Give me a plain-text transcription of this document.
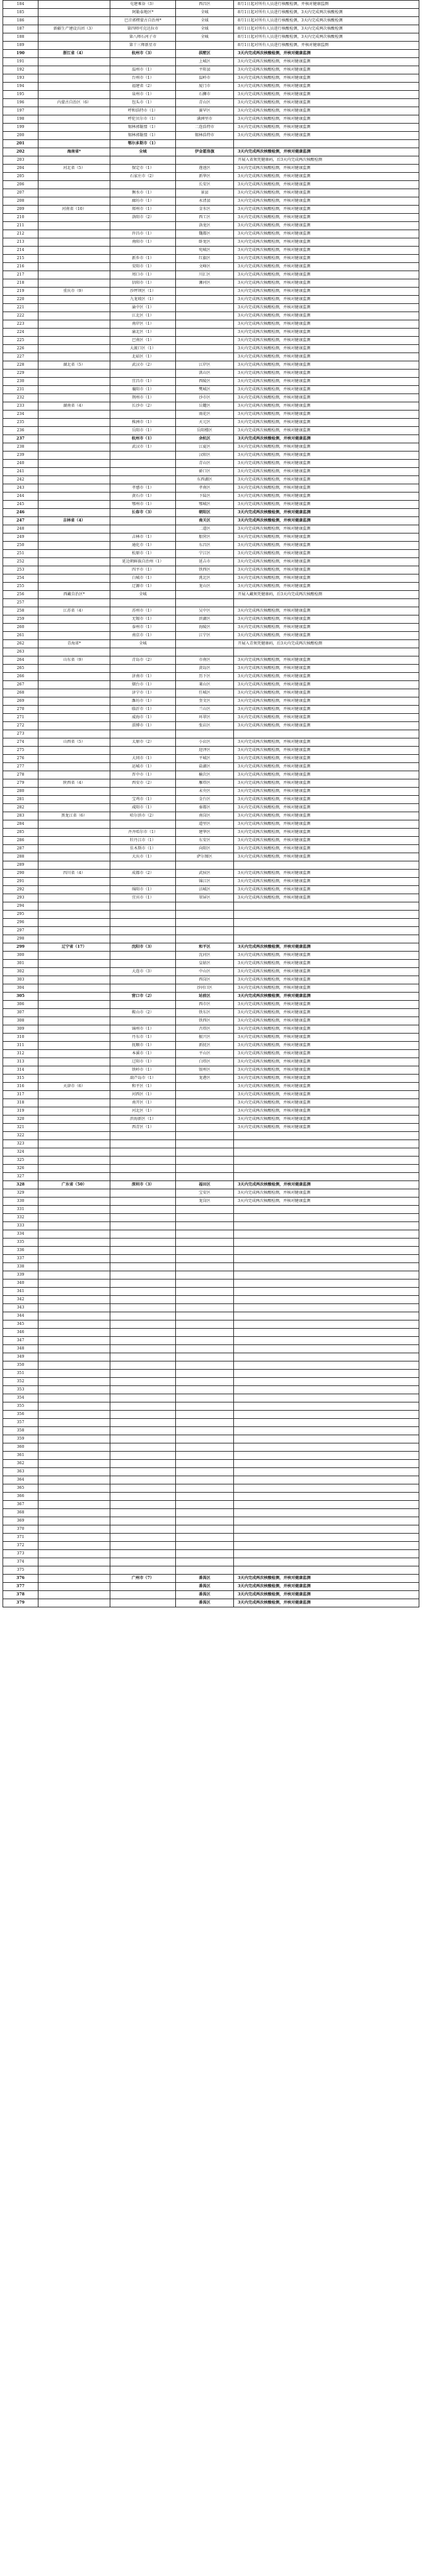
184		屯建乘谷（3）	西昌区	8月1日起对所有人员进行核酸检测，并核对健康监测
185		阿勒泰地区*	全城	8月1日起对所有人员进行核酸检测，3天内完成两次核酸检测
186		巴音郭楞蒙古自治州*	全域	8月1日起对所有人员进行核酸检测，3天内完成两次核酸检测
187	新疆生产建设兵团（3）	第四师可克达拉市	全域	8月1日起对所有人员进行核酸检测，3天内完成两次核酸检测
188		第八师石河子市	全城	8月1日起对所有人员进行核酸检测，3天内完成两次核酸检测
189		第十三师新星市		8月1日起对所有人员进行核酸检测，并核对健康监测
190	浙江省（4）	杭州市（3）	拱墅区	3天内完成两次核酸检测，并核对健康监测
191			上城区	3天内完成两次核酸检测，并核对健康监测
192		温州市（1）	平阳县	3天内完成两次核酸检测，并核对健康监测
193		台州市（1）	温岭市	3天内完成两次核酸检测，并核对健康监测
194		福建省（2）	厦门市	3天内完成两次核酸检测，并核对健康监测
195		泉州市（1）	石狮市	3天内完成两次核酸检测，并核对健康监测
196	内蒙古自治区（6）	包头市（1）	青山区	3天内完成两次核酸检测，并核对健康监测
197		呼和浩特市（1）	赛罕区	3天内完成两次核酸检测，并核对健康监测
198		呼伦贝尔市（1）	满洲里市	3天内完成两次核酸检测，并核对健康监测
199		锡林郭勒盟（1）	二连浩特市	3天内完成两次核酸检测，并核对健康监测
200		锡林郭勒盟（1）	锡林浩特市	3天内完成两次核酸检测，并核对健康监测
201		鄂尔多斯市（1）		
202	海南省*	全城	伊金霍洛旗	3天内完成两次核酸检测，并核对健康监测
203				开展入省须凭健康码，后3天内完成两次核酸检测
204	河北省（5）	保定市（1）	莲池区	3天内完成两次核酸检测，并核对健康监测
205		石家庄市（2）	新华区	3天内完成两次核酸检测，并核对健康监测
206			长安区	3天内完成两次核酸检测，并核对健康监测
207		衡水市（1）	景县	3天内完成两次核酸检测，并核对健康监测
208		廊坊市（1）	永清县	3天内完成两次核酸检测，并核对健康监测
209	河南省（10）	郑州市（1）	金水区	3天内完成两次核酸检测，并核对健康监测
210		洛阳市（2）	西工区	3天内完成两次核酸检测，并核对健康监测
211			洛龙区	3天内完成两次核酸检测，并核对健康监测
212		许昌市（1）	魏都区	3天内完成两次核酸检测，并核对健康监测
213		南阳市（1）	卧龙区	3天内完成两次核酸检测，并核对健康监测
214			宛城区	3天内完成两次核酸检测，并核对健康监测
215		新乡市（1）	红旗区	3天内完成两次核酸检测，并核对健康监测
216		安阳市（1）	文峰区	3天内完成两次核酸检测，并核对健康监测
217		周口市（1）	川汇区	3天内完成两次核酸检测，并核对健康监测
218		信阳市（1）	浉河区	3天内完成两次核酸检测，并核对健康监测
219	重庆市（9）	沙坪坝区（1）		3天内完成两次核酸检测，并核对健康监测
220		九龙坡区（1）		3天内完成两次核酸检测，并核对健康监测
221		渝中区（1）		3天内完成两次核酸检测，并核对健康监测
222		江北区（1）		3天内完成两次核酸检测，并核对健康监测
223		南岸区（1）		3天内完成两次核酸检测，并核对健康监测
224		渝北区（1）		3天内完成两次核酸检测，并核对健康监测
225		巴南区（1）		3天内完成两次核酸检测，并核对健康监测
226		大渡口区（1）		3天内完成两次核酸检测，并核对健康监测
227		北碚区（1）		3天内完成两次核酸检测，并核对健康监测
228	湖北省（5）	武汉市（2）	江岸区	3天内完成两次核酸检测，并核对健康监测
229			洪山区	3天内完成两次核酸检测，并核对健康监测
230		宜昌市（1）	西陵区	3天内完成两次核酸检测，并核对健康监测
231		襄阳市（1）	樊城区	3天内完成两次核酸检测，并核对健康监测
232		荆州市（1）	沙市区	3天内完成两次核酸检测，并核对健康监测
233	湖南省（4）	长沙市（2）	岳麓区	3天内完成两次核酸检测，并核对健康监测
234			雨花区	3天内完成两次核酸检测，并核对健康监测
235		株洲市（1）	天元区	3天内完成两次核酸检测，并核对健康监测
236		岳阳市（1）	岳阳楼区	3天内完成两次核酸检测，并核对健康监测
237		杭州市（1）	余杭区	3天内完成两次核酸检测，并核对健康监测
238		武汉市（1）	江夏区	3天内完成两次核酸检测，并核对健康监测
239			汉阳区	3天内完成两次核酸检测，并核对健康监测
240			青山区	3天内完成两次核酸检测，并核对健康监测
241			硚口区	3天内完成两次核酸检测，并核对健康监测
242			东西湖区	3天内完成两次核酸检测，并核对健康监测
243		孝感市（1）	孝南区	3天内完成两次核酸检测，并核对健康监测
244		黄石市（1）	下陆区	3天内完成两次核酸检测，并核对健康监测
245		鄂州市（1）	鄂城区	3天内完成两次核酸检测，并核对健康监测
246		长春市（3）	朝阳区	3天内完成两次核酸检测，并核对健康监测
247	吉林省（4）		南关区	3天内完成两次核酸检测，并核对健康监测
248			二道区	3天内完成两次核酸检测，并核对健康监测
249		吉林市（1）	船营区	3天内完成两次核酸检测，并核对健康监测
250		通化市（1）	东昌区	3天内完成两次核酸检测，并核对健康监测
251		松原市（1）	宁江区	3天内完成两次核酸检测，并核对健康监测
252		延边朝鲜族自治州（1）	延吉市	3天内完成两次核酸检测，并核对健康监测
253		四平市（1）	铁西区	3天内完成两次核酸检测，并核对健康监测
254		白城市（1）	洮北区	3天内完成两次核酸检测，并核对健康监测
255		辽源市（1）	龙山区	3天内完成两次核酸检测，并核对健康监测
256	西藏自治区*	全城		开展入藏须凭健康码，后3天内完成两次核酸检测
257				
258	江苏省（4）	苏州市（1）	吴中区	3天内完成两次核酸检测，并核对健康监测
259		无锡市（1）	滨湖区	3天内完成两次核酸检测，并核对健康监测
260		泰州市（1）	海陵区	3天内完成两次核酸检测，并核对健康监测
261		南京市（1）	江宁区	3天内完成两次核酸检测，并核对健康监测
262	青海省*	全城		开展入青须凭健康码，后3天内完成两次核酸检测
263				
264	山东省（9）	青岛市（2）	市南区	3天内完成两次核酸检测，并核对健康监测
265			黄岛区	3天内完成两次核酸检测，并核对健康监测
266		济南市（1）	历下区	3天内完成两次核酸检测，并核对健康监测
267		烟台市（1）	莱山区	3天内完成两次核酸检测，并核对健康监测
268		济宁市（1）	任城区	3天内完成两次核酸检测，并核对健康监测
269		潍坊市（1）	奎文区	3天内完成两次核酸检测，并核对健康监测
270		临沂市（1）	兰山区	3天内完成两次核酸检测，并核对健康监测
271		威海市（1）	环翠区	3天内完成两次核酸检测，并核对健康监测
272		淄博市（1）	张店区	3天内完成两次核酸检测，并核对健康监测
273				
274	山西省（5）	太原市（2）	小店区	3天内完成两次核酸检测，并核对健康监测
275			迎泽区	3天内完成两次核酸检测，并核对健康监测
276		大同市（1）	平城区	3天内完成两次核酸检测，并核对健康监测
277		运城市（1）	盐湖区	3天内完成两次核酸检测，并核对健康监测
278		晋中市（1）	榆次区	3天内完成两次核酸检测，并核对健康监测
279	陕西省（4）	西安市（2）	雁塔区	3天内完成两次核酸检测，并核对健康监测
280			未央区	3天内完成两次核酸检测，并核对健康监测
281		宝鸡市（1）	金台区	3天内完成两次核酸检测，并核对健康监测
282		咸阳市（1）	秦都区	3天内完成两次核酸检测，并核对健康监测
283	黑龙江省（6）	哈尔滨市（2）	南岗区	3天内完成两次核酸检测，并核对健康监测
284			道里区	3天内完成两次核酸检测，并核对健康监测
285		齐齐哈尔市（1）	建华区	3天内完成两次核酸检测，并核对健康监测
286		牡丹江市（1）	东安区	3天内完成两次核酸检测，并核对健康监测
287		佳木斯市（1）	向阳区	3天内完成两次核酸检测，并核对健康监测
288		大庆市（1）	萨尔图区	3天内完成两次核酸检测，并核对健康监测
289				
290	四川省（4）	成都市（2）	武侯区	3天内完成两次核酸检测，并核对健康监测
291			锦江区	3天内完成两次核酸检测，并核对健康监测
292		绵阳市（1）	涪城区	3天内完成两次核酸检测，并核对健康监测
293		宜宾市（1）	翠屏区	3天内完成两次核酸检测，并核对健康监测
294				
295				
296				
297				
298				
299	辽宁省（17）	沈阳市（3）	和平区	3天内完成两次核酸检测，并核对健康监测
300			沈河区	3天内完成两次核酸检测，并核对健康监测
301			皇姑区	3天内完成两次核酸检测，并核对健康监测
302		大连市（3）	中山区	3天内完成两次核酸检测，并核对健康监测
303			西岗区	3天内完成两次核酸检测，并核对健康监测
304			沙河口区	3天内完成两次核酸检测，并核对健康监测
305		营口市（2）	站前区	3天内完成两次核酸检测，并核对健康监测
306			西市区	3天内完成两次核酸检测，并核对健康监测
307		鞍山市（2）	铁东区	3天内完成两次核酸检测，并核对健康监测
308			铁西区	3天内完成两次核酸检测，并核对健康监测
309		锦州市（1）	古塔区	3天内完成两次核酸检测，并核对健康监测
310		丹东市（1）	振兴区	3天内完成两次核酸检测，并核对健康监测
311		抚顺市（1）	新抚区	3天内完成两次核酸检测，并核对健康监测
312		本溪市（1）	平山区	3天内完成两次核酸检测，并核对健康监测
313		辽阳市（1）	白塔区	3天内完成两次核酸检测，并核对健康监测
314		铁岭市（1）	银州区	3天内完成两次核酸检测，并核对健康监测
315		葫芦岛市（1）	龙港区	3天内完成两次核酸检测，并核对健康监测
316	天津市（6）	和平区（1）		3天内完成两次核酸检测，并核对健康监测
317		河西区（1）		3天内完成两次核酸检测，并核对健康监测
318		南开区（1）		3天内完成两次核酸检测，并核对健康监测
319		河北区（1）		3天内完成两次核酸检测，并核对健康监测
320		滨海新区（1）		3天内完成两次核酸检测，并核对健康监测
321		西青区（1）		3天内完成两次核酸检测，并核对健康监测
322				
323				
324				
325				
326				
327				
328	广东省（50）	深圳市（3）	福田区	3天内完成两次核酸检测，并核对健康监测
329			宝安区	3天内完成两次核酸检测，并核对健康监测
330			龙岗区	3天内完成两次核酸检测，并核对健康监测
331				
332				
333				
334				
335				
336				
337				
338				
339				
340				
341				
342				
343				
344				
345				
346				
347				
348				
349				
350				
351				
352				
353				
354				
355				
356				
357				
358				
359				
360				
361				
362				
363				
364				
365				
366				
367				
368				
369				
370				
371				
372				
373				
374				
375				
376		广州市（7）	番禺区	3天内完成两次核酸检测，并核对健康监测
377			番禺区	3天内完成两次核酸检测，并核对健康监测
378			番禺区	3天内完成两次核酸检测，并核对健康监测
379			番禺区	3天内完成两次核酸检测，并核对健康监测
